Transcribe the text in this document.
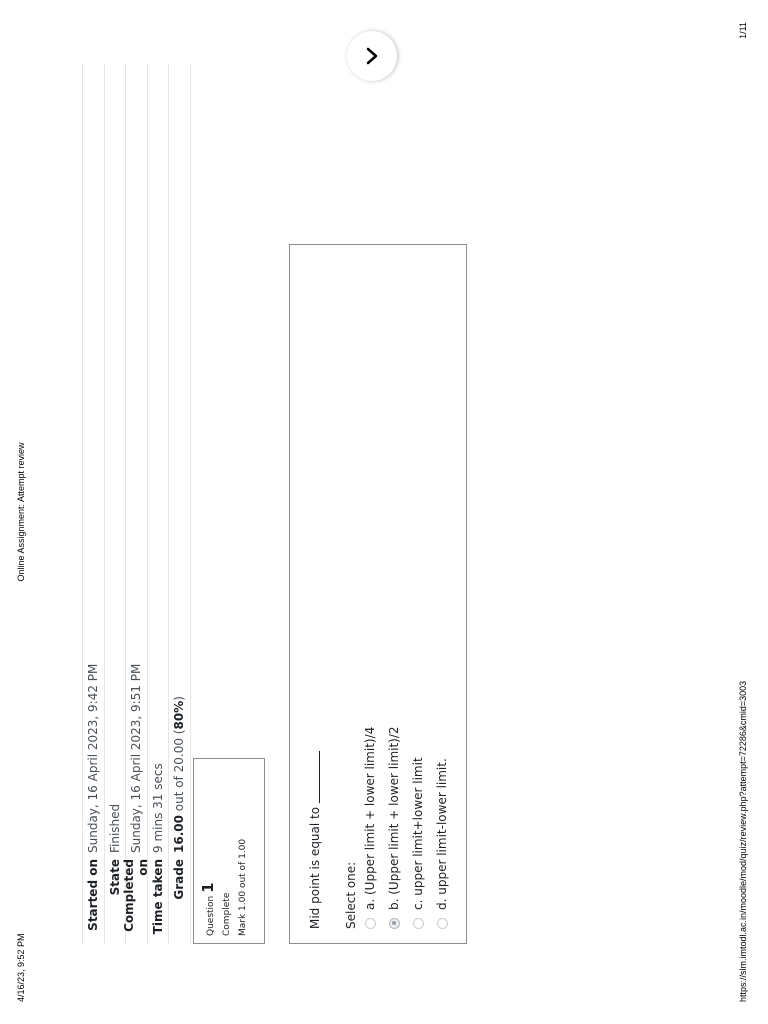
4/16/23, 9:52 PM
Online Assignment: Attempt review
https://slm.imtodl.ac.in/moodle/mod/quiz/review.php?attempt=72286&cmid=3003
1/11
Started on
Sunday, 16 April 2023, 9:42 PM
State
Finished
Completed on
Sunday, 16 April 2023, 9:51 PM
Time taken
9 mins 31 secs
Grade
16.00 out of 20.00 (80%)
Question 1
Complete Mark 1.00 out of 1.00	Mid point is equal to Select one: a. (Upper limit + lower limit)/4 b. (Upper limit + lower limit)/2 c. upper limit+lower limit d. upper limit-lower limit.
